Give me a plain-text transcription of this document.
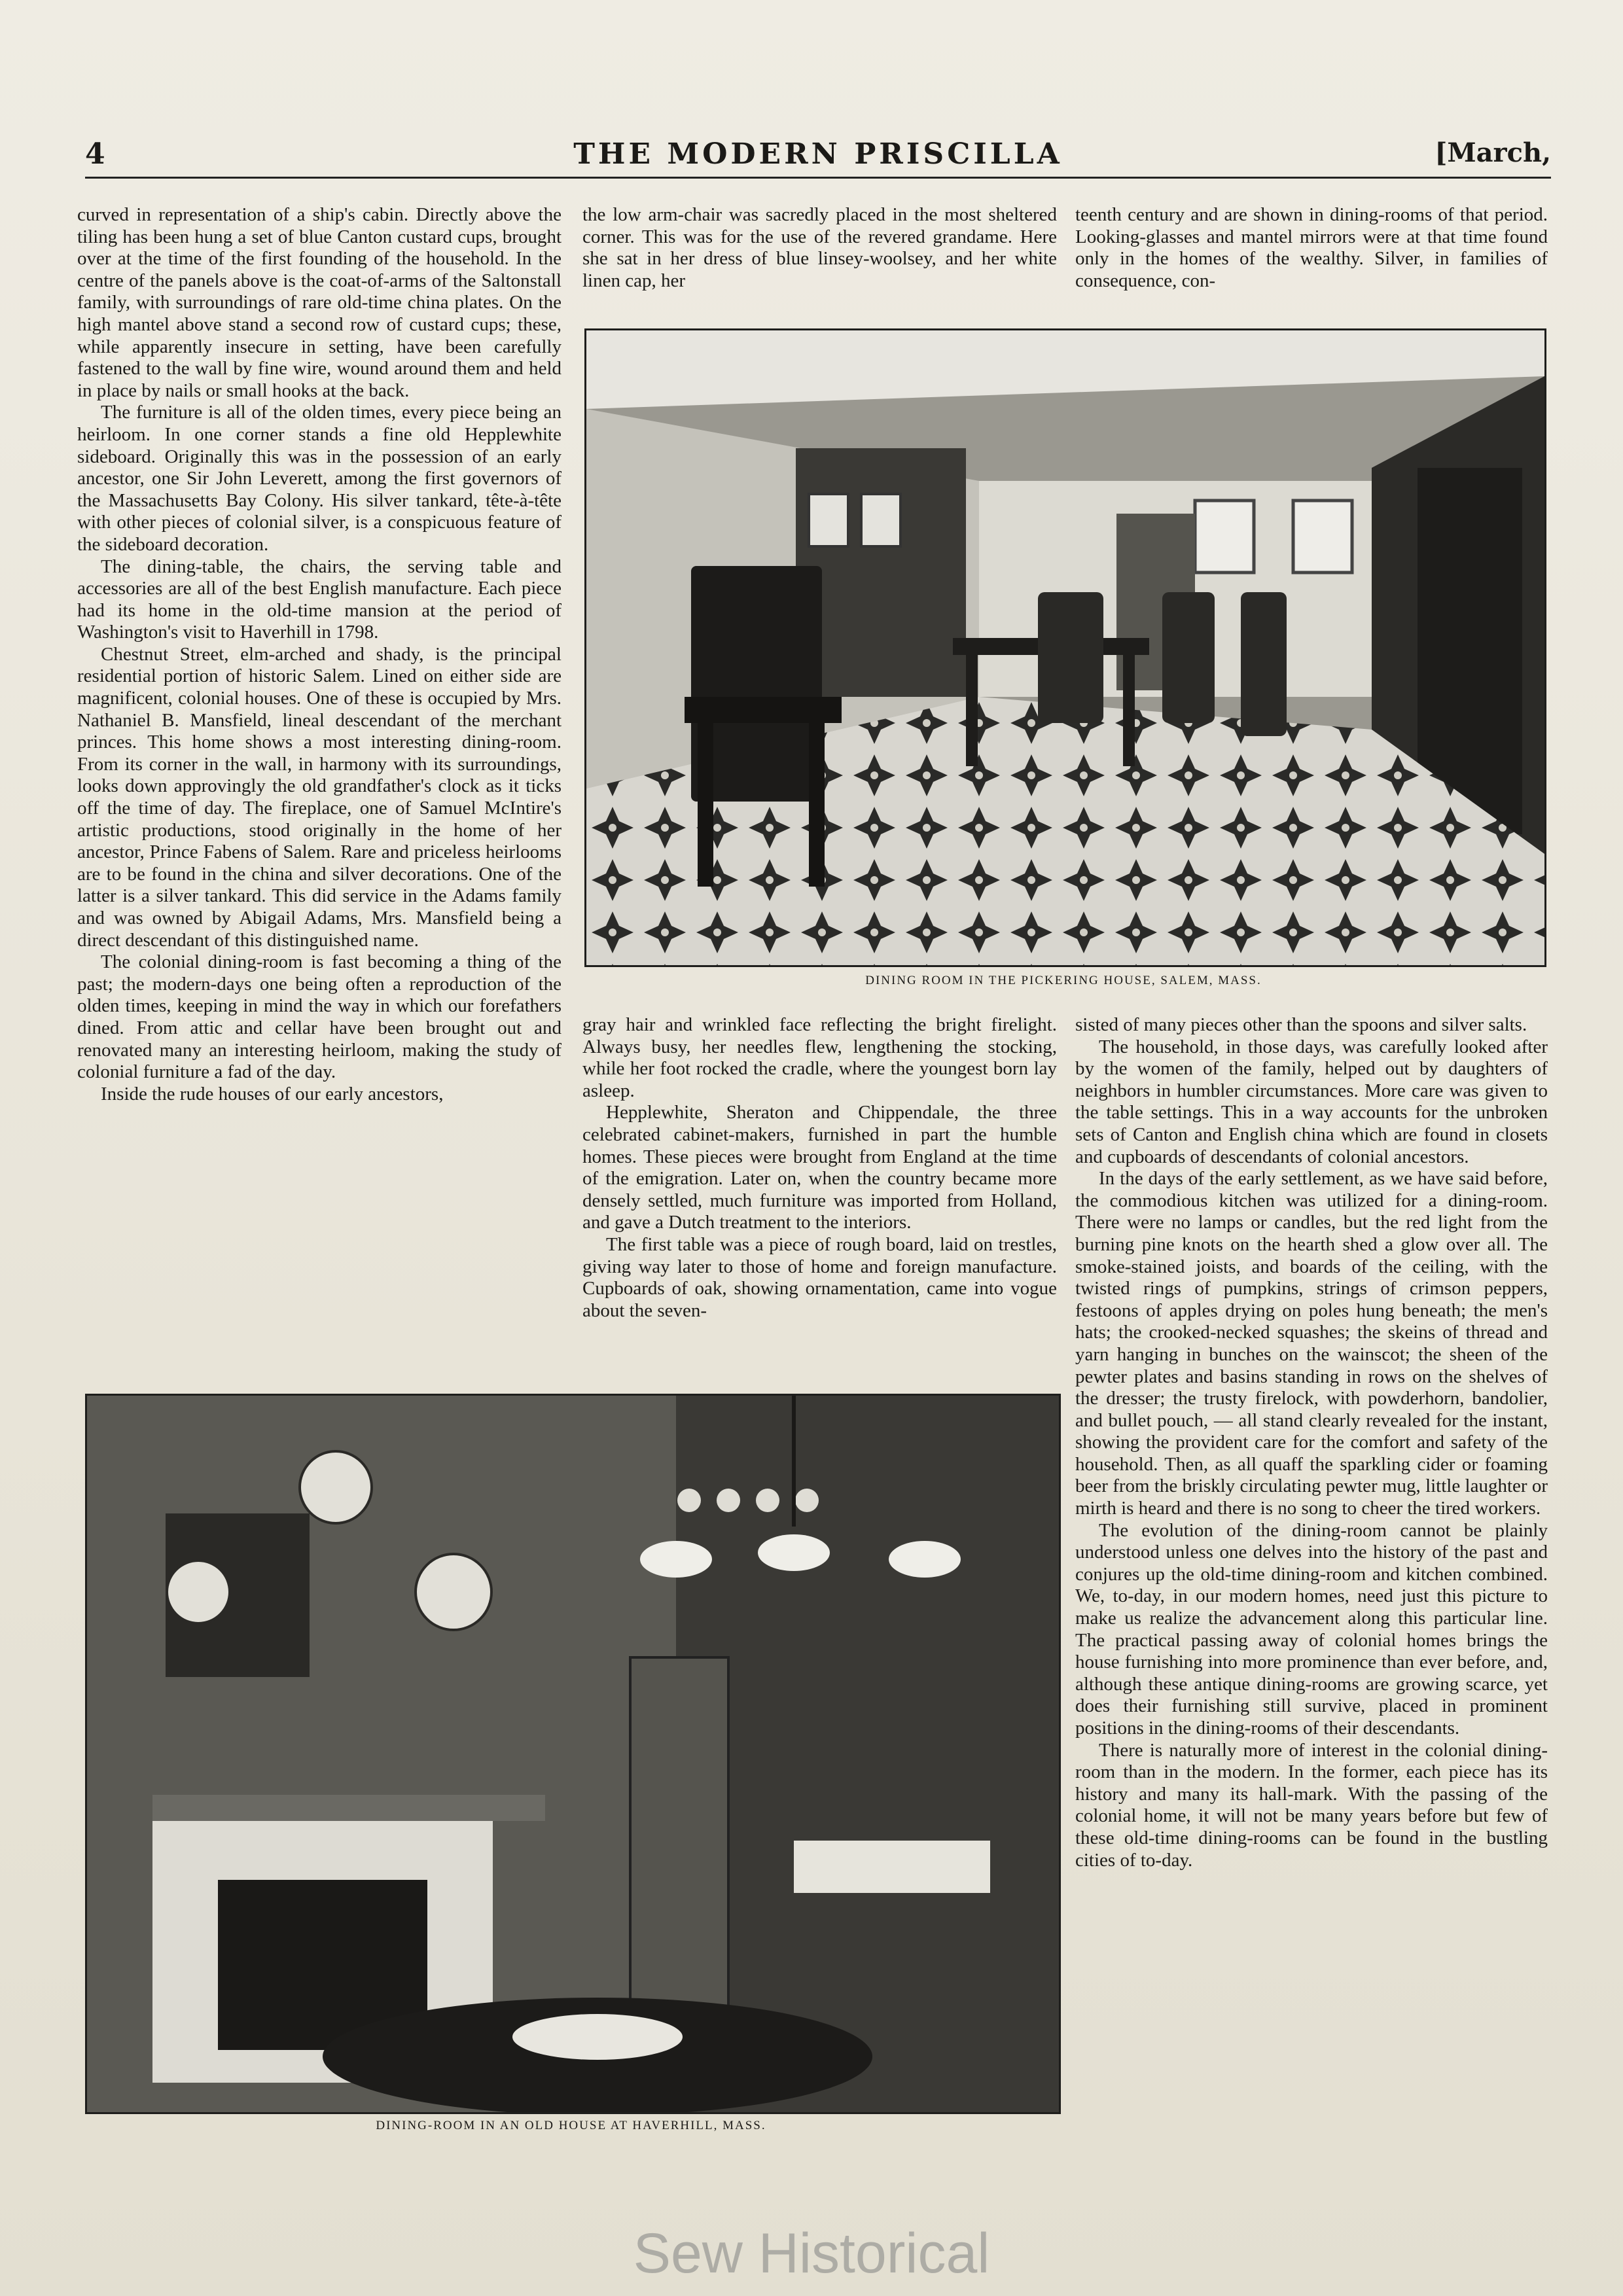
4	THE MODERN PRISCILLA	[March,

curved in representation of a ship's cabin. Directly above the tiling has been hung a set of blue Canton custard cups, brought over at the time of the first founding of the household. In the centre of the panels above is the coat-of-arms of the Saltonstall family, with surroundings of rare old-time china plates. On the high mantel above stand a second row of custard cups; these, while apparently insecure in setting, have been carefully fastened to the wall by fine wire, wound around them and held in place by nails or small hooks at the back.

The furniture is all of the olden times, every piece being an heirloom. In one corner stands a fine old Hepplewhite sideboard. Originally this was in the possession of an early ancestor, one Sir John Leverett, among the first governors of the Massachusetts Bay Colony. His silver tankard, tête-à-tête with other pieces of colonial silver, is a conspicuous feature of the sideboard decoration.

The dining-table, the chairs, the serving table and accessories are all of the best English manufacture. Each piece had its home in the old-time mansion at the period of Washington's visit to Haverhill in 1798.

Chestnut Street, elm-arched and shady, is the principal residential portion of historic Salem. Lined on either side are magnificent, colonial houses. One of these is occupied by Mrs. Nathaniel B. Mansfield, lineal descendant of the merchant princes. This home shows a most interesting dining-room. From its corner in the wall, in harmony with its surroundings, looks down approvingly the old grandfather's clock as it ticks off the time of day. The fireplace, one of Samuel McIntire's artistic productions, stood originally in the home of her ancestor, Prince Fabens of Salem. Rare and priceless heirlooms are to be found in the china and silver decorations. One of the latter is a silver tankard. This did service in the Adams family and was owned by Abigail Adams, Mrs. Mansfield being a direct descendant of this distinguished name.

The colonial dining-room is fast becoming a thing of the past; the modern-days one being often a reproduction of the olden times, keeping in mind the way in which our forefathers dined. From attic and cellar have been brought out and renovated many an interesting heirloom, making the study of colonial furniture a fad of the day.

Inside the rude houses of our early ancestors,

the low arm-chair was sacredly placed in the most sheltered corner. This was for the use of the revered grandame. Here she sat in her dress of blue linsey-woolsey, and her white linen cap, her

teenth century and are shown in dining-rooms of that period. Looking-glasses and mantel mirrors were at that time found only in the homes of the wealthy. Silver, in families of consequence, con-

DINING ROOM IN THE PICKERING HOUSE, SALEM, MASS.

gray hair and wrinkled face reflecting the bright firelight. Always busy, her needles flew, lengthening the stocking, while her foot rocked the cradle, where the youngest born lay asleep.

Hepplewhite, Sheraton and Chippendale, the three celebrated cabinet-makers, furnished in part the humble homes. These pieces were brought from England at the time of the emigration. Later on, when the country became more densely settled, much furniture was imported from Holland, and gave a Dutch treatment to the interiors.

The first table was a piece of rough board, laid on trestles, giving way later to those of home and foreign manufacture. Cupboards of oak, showing ornamentation, came into vogue about the seven-

sisted of many pieces other than the spoons and silver salts.

The household, in those days, was carefully looked after by the women of the family, helped out by daughters of neighbors in humbler circumstances. More care was given to the table settings. This in a way accounts for the unbroken sets of Canton and English china which are found in closets and cupboards of descendants of colonial ancestors.

In the days of the early settlement, as we have said before, the commodious kitchen was utilized for a dining-room. There were no lamps or candles, but the red light from the burning pine knots on the hearth shed a glow over all. The smoke-stained joists, and boards of the ceiling, with the twisted rings of pumpkins, strings of crimson peppers, festoons of apples drying on poles hung beneath; the men's hats; the crooked-necked squashes; the skeins of thread and yarn hanging in bunches on the wainscot; the sheen of the pewter plates and basins standing in rows on the shelves of the dresser; the trusty firelock, with powderhorn, bandolier, and bullet pouch, — all stand clearly revealed for the instant, showing the provident care for the comfort and safety of the household. Then, as all quaff the sparkling cider or foaming beer from the briskly circulating pewter mug, little laughter or mirth is heard and there is no song to cheer the tired workers.

The evolution of the dining-room cannot be plainly understood unless one delves into the history of the past and conjures up the old-time dining-room and kitchen combined. We, to-day, in our modern homes, need just this picture to make us realize the advancement along this particular line. The practical passing away of colonial homes brings the house furnishing into more prominence than ever before, and, although these antique dining-rooms are growing scarce, yet does their furnishing still survive, placed in prominent positions in the dining-rooms of their descendants.

There is naturally more of interest in the colonial dining-room than in the modern. In the former, each piece has its history and many its hall-mark. With the passing of the colonial home, it will not be many years before but few of these old-time dining-rooms can be found in the bustling cities of to-day.

DINING-ROOM IN AN OLD HOUSE AT HAVERHILL, MASS.
Sew Historical
